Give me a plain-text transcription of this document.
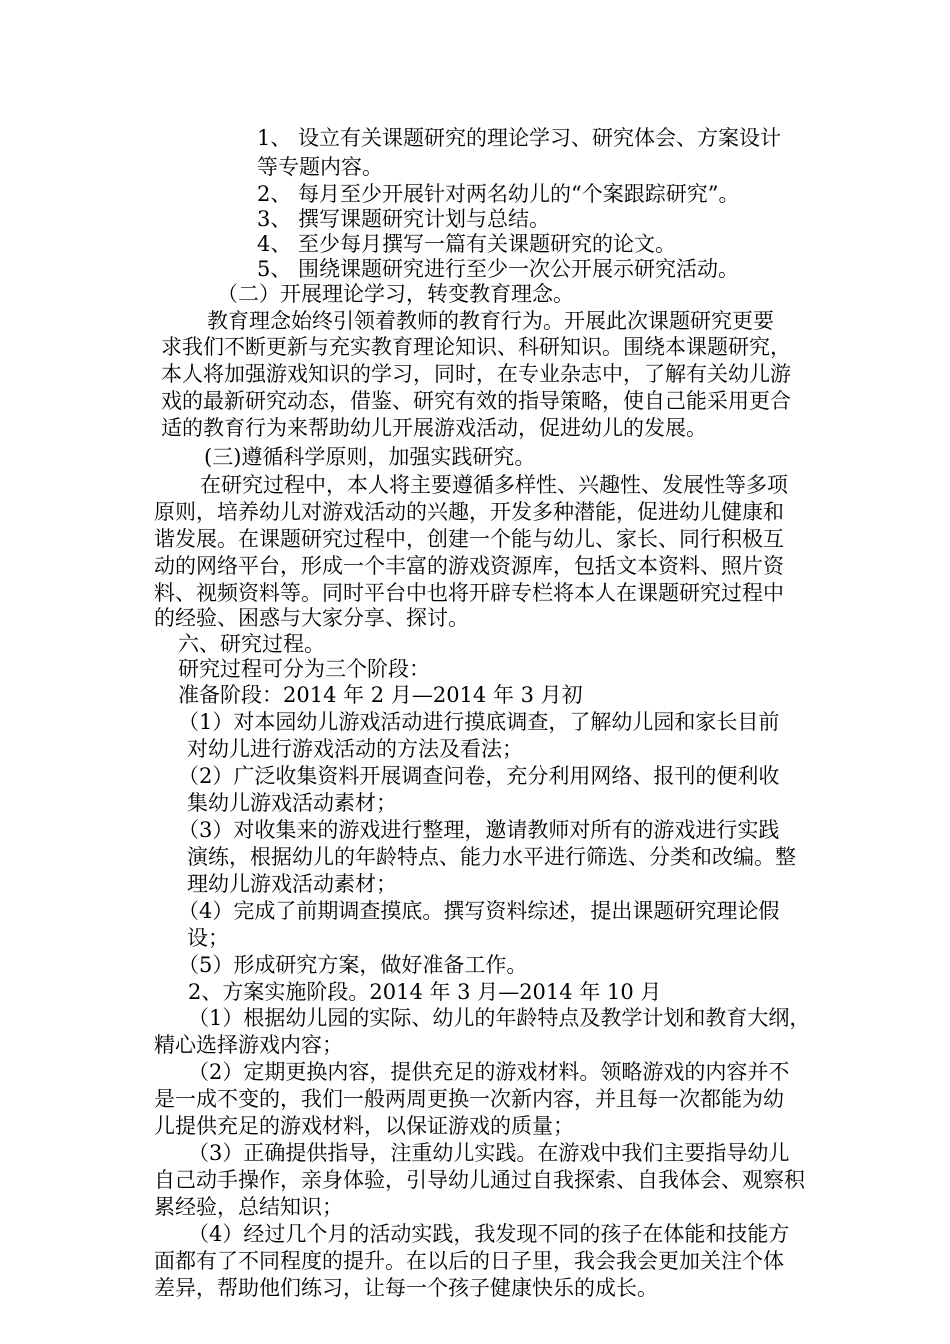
1、 设立有关课题研究的理论学习、研究体会、方案设计
等专题内容。
2、 每月至少开展针对两名幼儿的“个案跟踪研究”。
3、 撰写课题研究计划与总结。
4、 至少每月撰写一篇有关课题研究的论文。
5、 围绕课题研究进行至少一次公开展示研究活动。
（二）开展理论学习，转变教育理念。
教育理念始终引领着教师的教育行为。开展此次课题研究更要
求我们不断更新与充实教育理论知识、科研知识。围绕本课题研究，
本人将加强游戏知识的学习，同时，在专业杂志中，了解有关幼儿游
戏的最新研究动态，借鉴、研究有效的指导策略，使自己能采用更合
适的教育行为来帮助幼儿开展游戏活动，促进幼儿的发展。
(三)遵循科学原则，加强实践研究。
在研究过程中，本人将主要遵循多样性、兴趣性、发展性等多项
原则，培养幼儿对游戏活动的兴趣，开发多种潜能，促进幼儿健康和
谐发展。在课题研究过程中，创建一个能与幼儿、家长、同行积极互
动的网络平台，形成一个丰富的游戏资源库，包括文本资料、照片资
料、视频资料等。同时平台中也将开辟专栏将本人在课题研究过程中
的经验、困惑与大家分享、探讨。
六、研究过程。
研究过程可分为三个阶段：
准备阶段：2014 年 2 月—2014 年 3 月初
（1）对本园幼儿游戏活动进行摸底调查，了解幼儿园和家长目前
对幼儿进行游戏活动的方法及看法；
（2）广泛收集资料开展调查问卷，充分利用网络、报刊的便利收
集幼儿游戏活动素材；
（3）对收集来的游戏进行整理，邀请教师对所有的游戏进行实践
演练，根据幼儿的年龄特点、能力水平进行筛选、分类和改编。整
理幼儿游戏活动素材；
（4）完成了前期调查摸底。撰写资料综述，提出课题研究理论假
设；
（5）形成研究方案，做好准备工作。
2、方案实施阶段。2014 年 3 月—2014 年 10 月
（1）根据幼儿园的实际、幼儿的年龄特点及教学计划和教育大纲，
精心选择游戏内容；
（2）定期更换内容，提供充足的游戏材料。领略游戏的内容并不
是一成不变的，我们一般两周更换一次新内容，并且每一次都能为幼
儿提供充足的游戏材料，以保证游戏的质量；
（3）正确提供指导，注重幼儿实践。在游戏中我们主要指导幼儿
自己动手操作，亲身体验，引导幼儿通过自我探索、自我体会、观察积
累经验，总结知识；
（4）经过几个月的活动实践，我发现不同的孩子在体能和技能方
面都有了不同程度的提升。在以后的日子里，我会我会更加关注个体
差异，帮助他们练习，让每一个孩子健康快乐的成长。
